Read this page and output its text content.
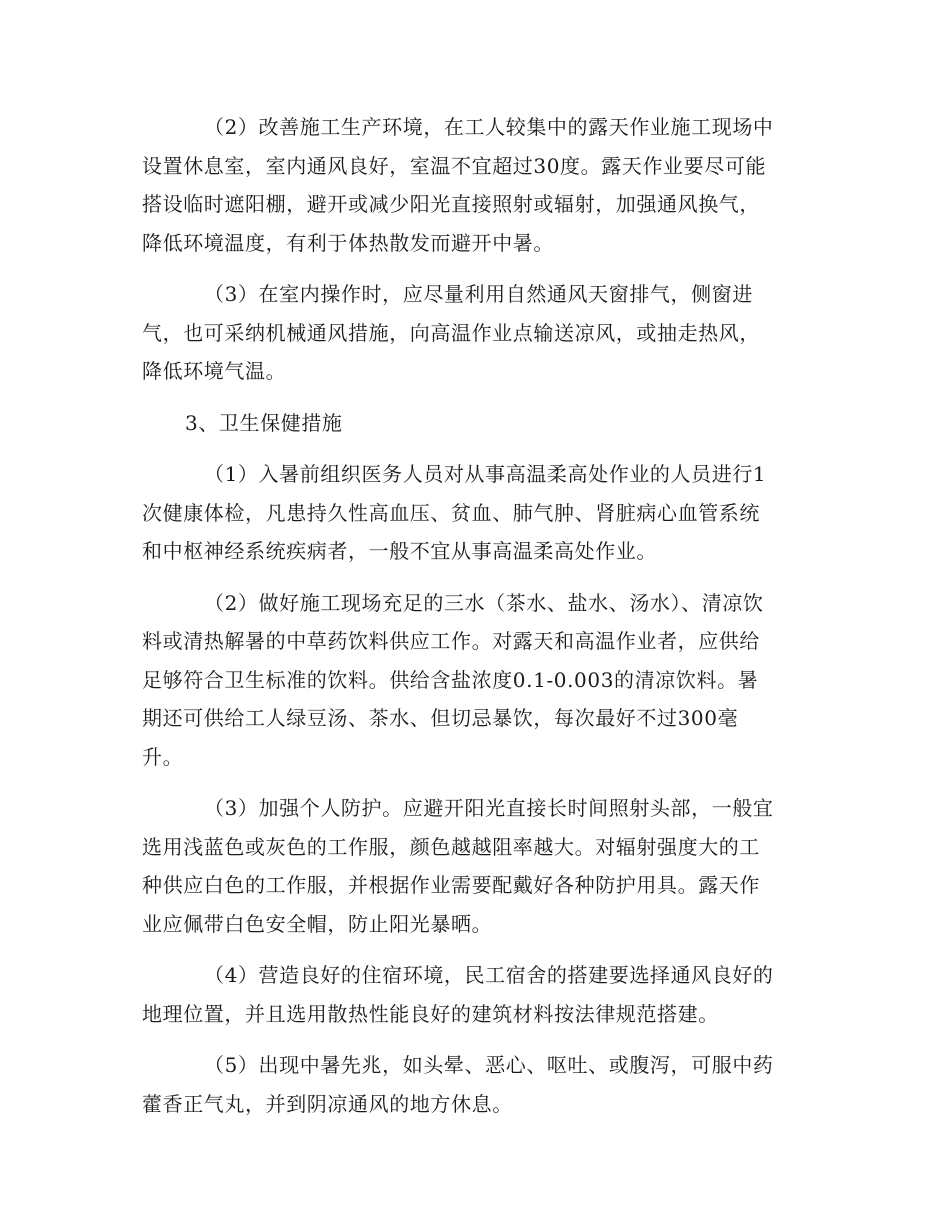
（2）改善施工生产环境，在工人较集中的露天作业施工现场中
设置休息室，室内通风良好，室温不宜超过30度。露天作业要尽可能
搭设临时遮阳棚，避开或减少阳光直接照射或辐射，加强通风换气，
降低环境温度，有利于体热散发而避开中暑。

（3）在室内操作时，应尽量利用自然通风天窗排气，侧窗进
气，也可采纳机械通风措施，向高温作业点输送凉风，或抽走热风，
降低环境气温。

3、卫生保健措施

（1）入暑前组织医务人员对从事高温柔高处作业的人员进行1
次健康体检，凡患持久性高血压、贫血、肺气肿、肾脏病心血管系统
和中枢神经系统疾病者，一般不宜从事高温柔高处作业。

（2）做好施工现场充足的三水（茶水、盐水、汤水）、清凉饮
料或清热解暑的中草药饮料供应工作。对露天和高温作业者，应供给
足够符合卫生标准的饮料。供给含盐浓度0.1-0.003的清凉饮料。暑
期还可供给工人绿豆汤、茶水、但切忌暴饮，每次最好不过300毫
升。

（3）加强个人防护。应避开阳光直接长时间照射头部，一般宜
选用浅蓝色或灰色的工作服，颜色越越阻率越大。对辐射强度大的工
种供应白色的工作服，并根据作业需要配戴好各种防护用具。露天作
业应佩带白色安全帽，防止阳光暴晒。

（4）营造良好的住宿环境，民工宿舍的搭建要选择通风良好的
地理位置，并且选用散热性能良好的建筑材料按法律规范搭建。

（5）出现中暑先兆，如头晕、恶心、呕吐、或腹泻，可服中药
藿香正气丸，并到阴凉通风的地方休息。
